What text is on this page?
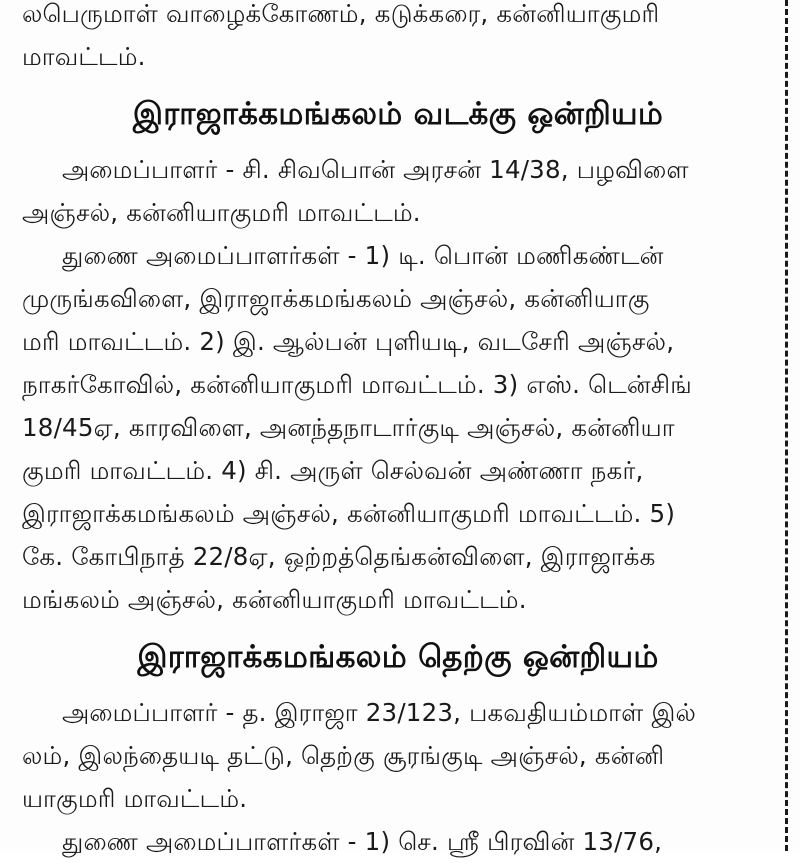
லபெருமாள் வாழைக்கோணம், கடுக்கரை, கன்னியாகுமரி
மாவட்டம்.
இராஜாக்கமங்கலம் வடக்கு ஒன்றியம்
அமைப்பாளர் - சி. சிவபொன் அரசன் 14/38, பழவிளை
அஞ்சல், கன்னியாகுமரி மாவட்டம்.
துணை அமைப்பாளர்கள் - 1) டி. பொன் மணிகண்டன்
முருங்கவிளை, இராஜாக்கமங்கலம் அஞ்சல், கன்னியாகு
மரி மாவட்டம். 2) இ. ஆல்பன் புளியடி, வடசேரி அஞ்சல்,
நாகர்கோவில், கன்னியாகுமரி மாவட்டம். 3) எஸ். டென்சிங்
18/45ஏ, காரவிளை, அனந்தநாடார்குடி அஞ்சல், கன்னியா
குமரி மாவட்டம். 4) சி. அருள் செல்வன் அண்ணா நகர்,
இராஜாக்கமங்கலம் அஞ்சல், கன்னியாகுமரி மாவட்டம். 5)
கே. கோபிநாத் 22/8ஏ, ஒற்றத்தெங்கன்விளை, இராஜாக்க
மங்கலம் அஞ்சல், கன்னியாகுமரி மாவட்டம்.
இராஜாக்கமங்கலம் தெற்கு ஒன்றியம்
அமைப்பாளர் - த. இராஜா 23/123, பகவதியம்மாள் இல்
லம், இலந்தையடி தட்டு, தெற்கு சூரங்குடி அஞ்சல், கன்னி
யாகுமரி மாவட்டம்.
துணை அமைப்பாளர்கள் - 1) செ. ஸ்ரீ பிரவின் 13/76,
